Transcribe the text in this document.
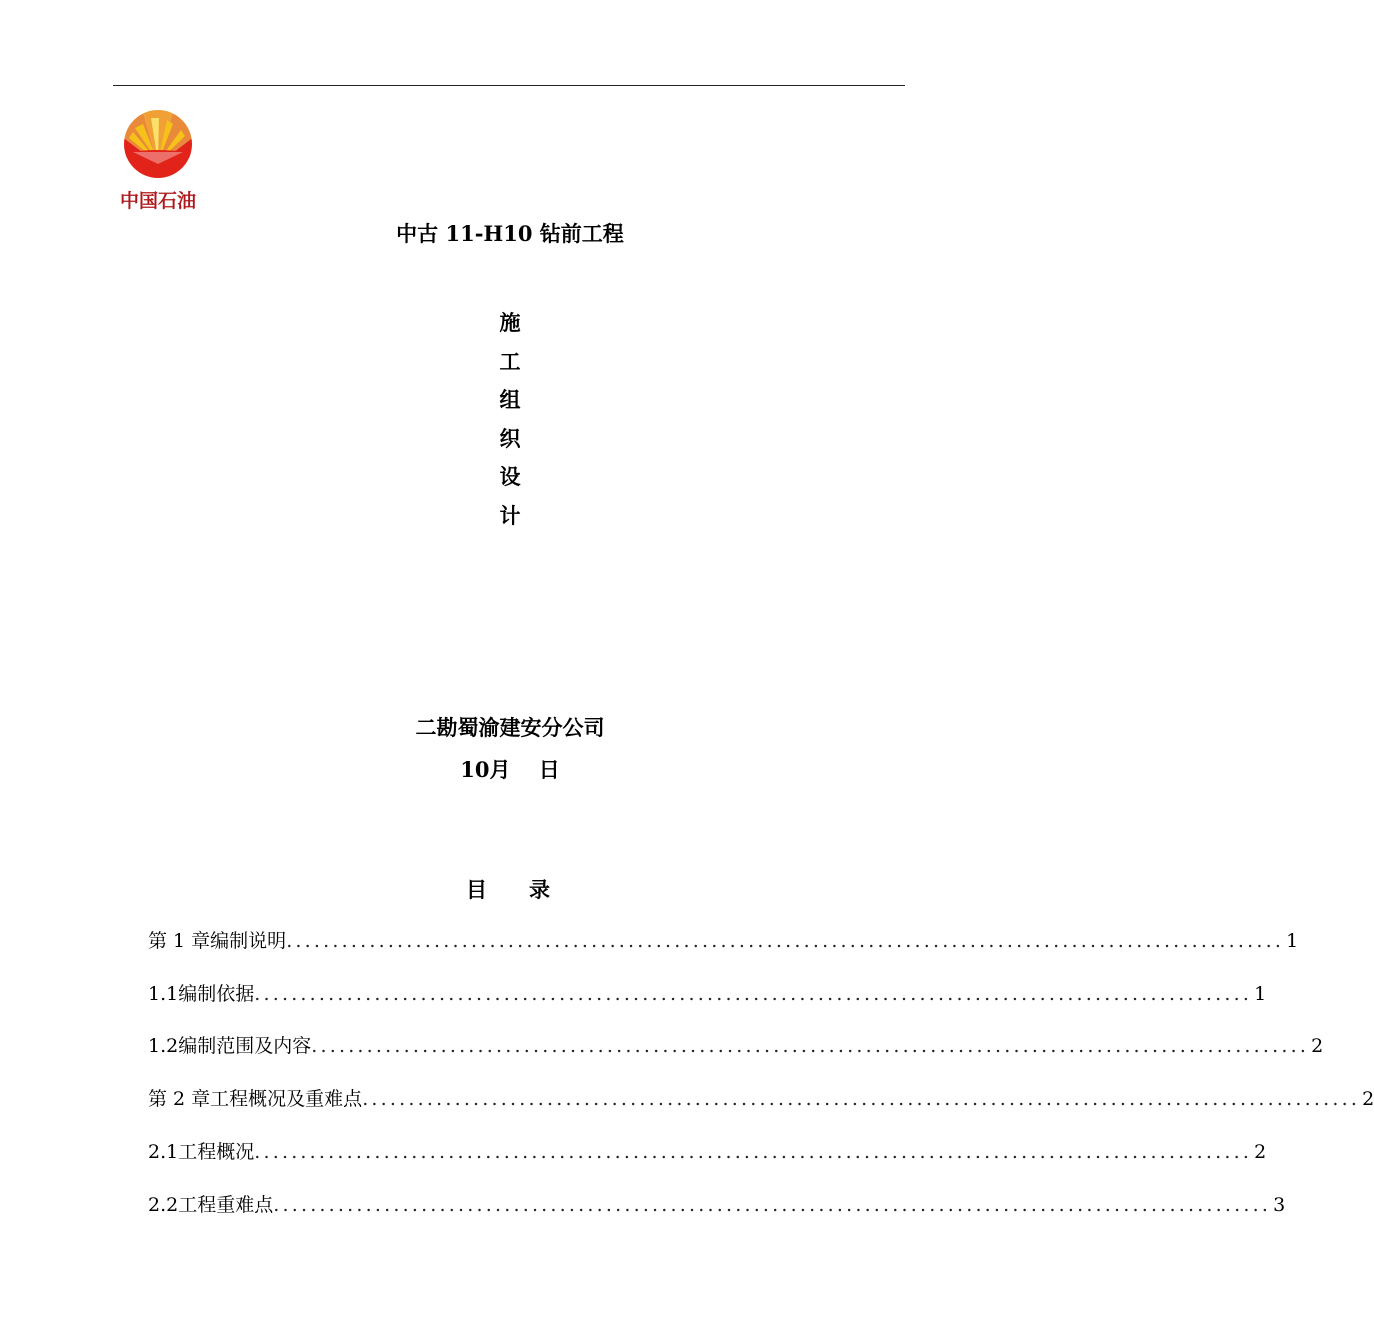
中国石油
中古 11-H10 钻前工程
施
工
组
织
设
计
二勘蜀渝建安分公司
10月　 日
目　　录
第 1 章 编制说明 ............................................................................................................ 1
1.1 编制依据 ............................................................................................................ 1
1.2 编制范围及内容 ............................................................................................................ 2
第 2 章 工程概况及重难点 ............................................................................................................ 2
2.1 工程概况 ............................................................................................................ 2
2.2 工程重难点 ............................................................................................................ 3
